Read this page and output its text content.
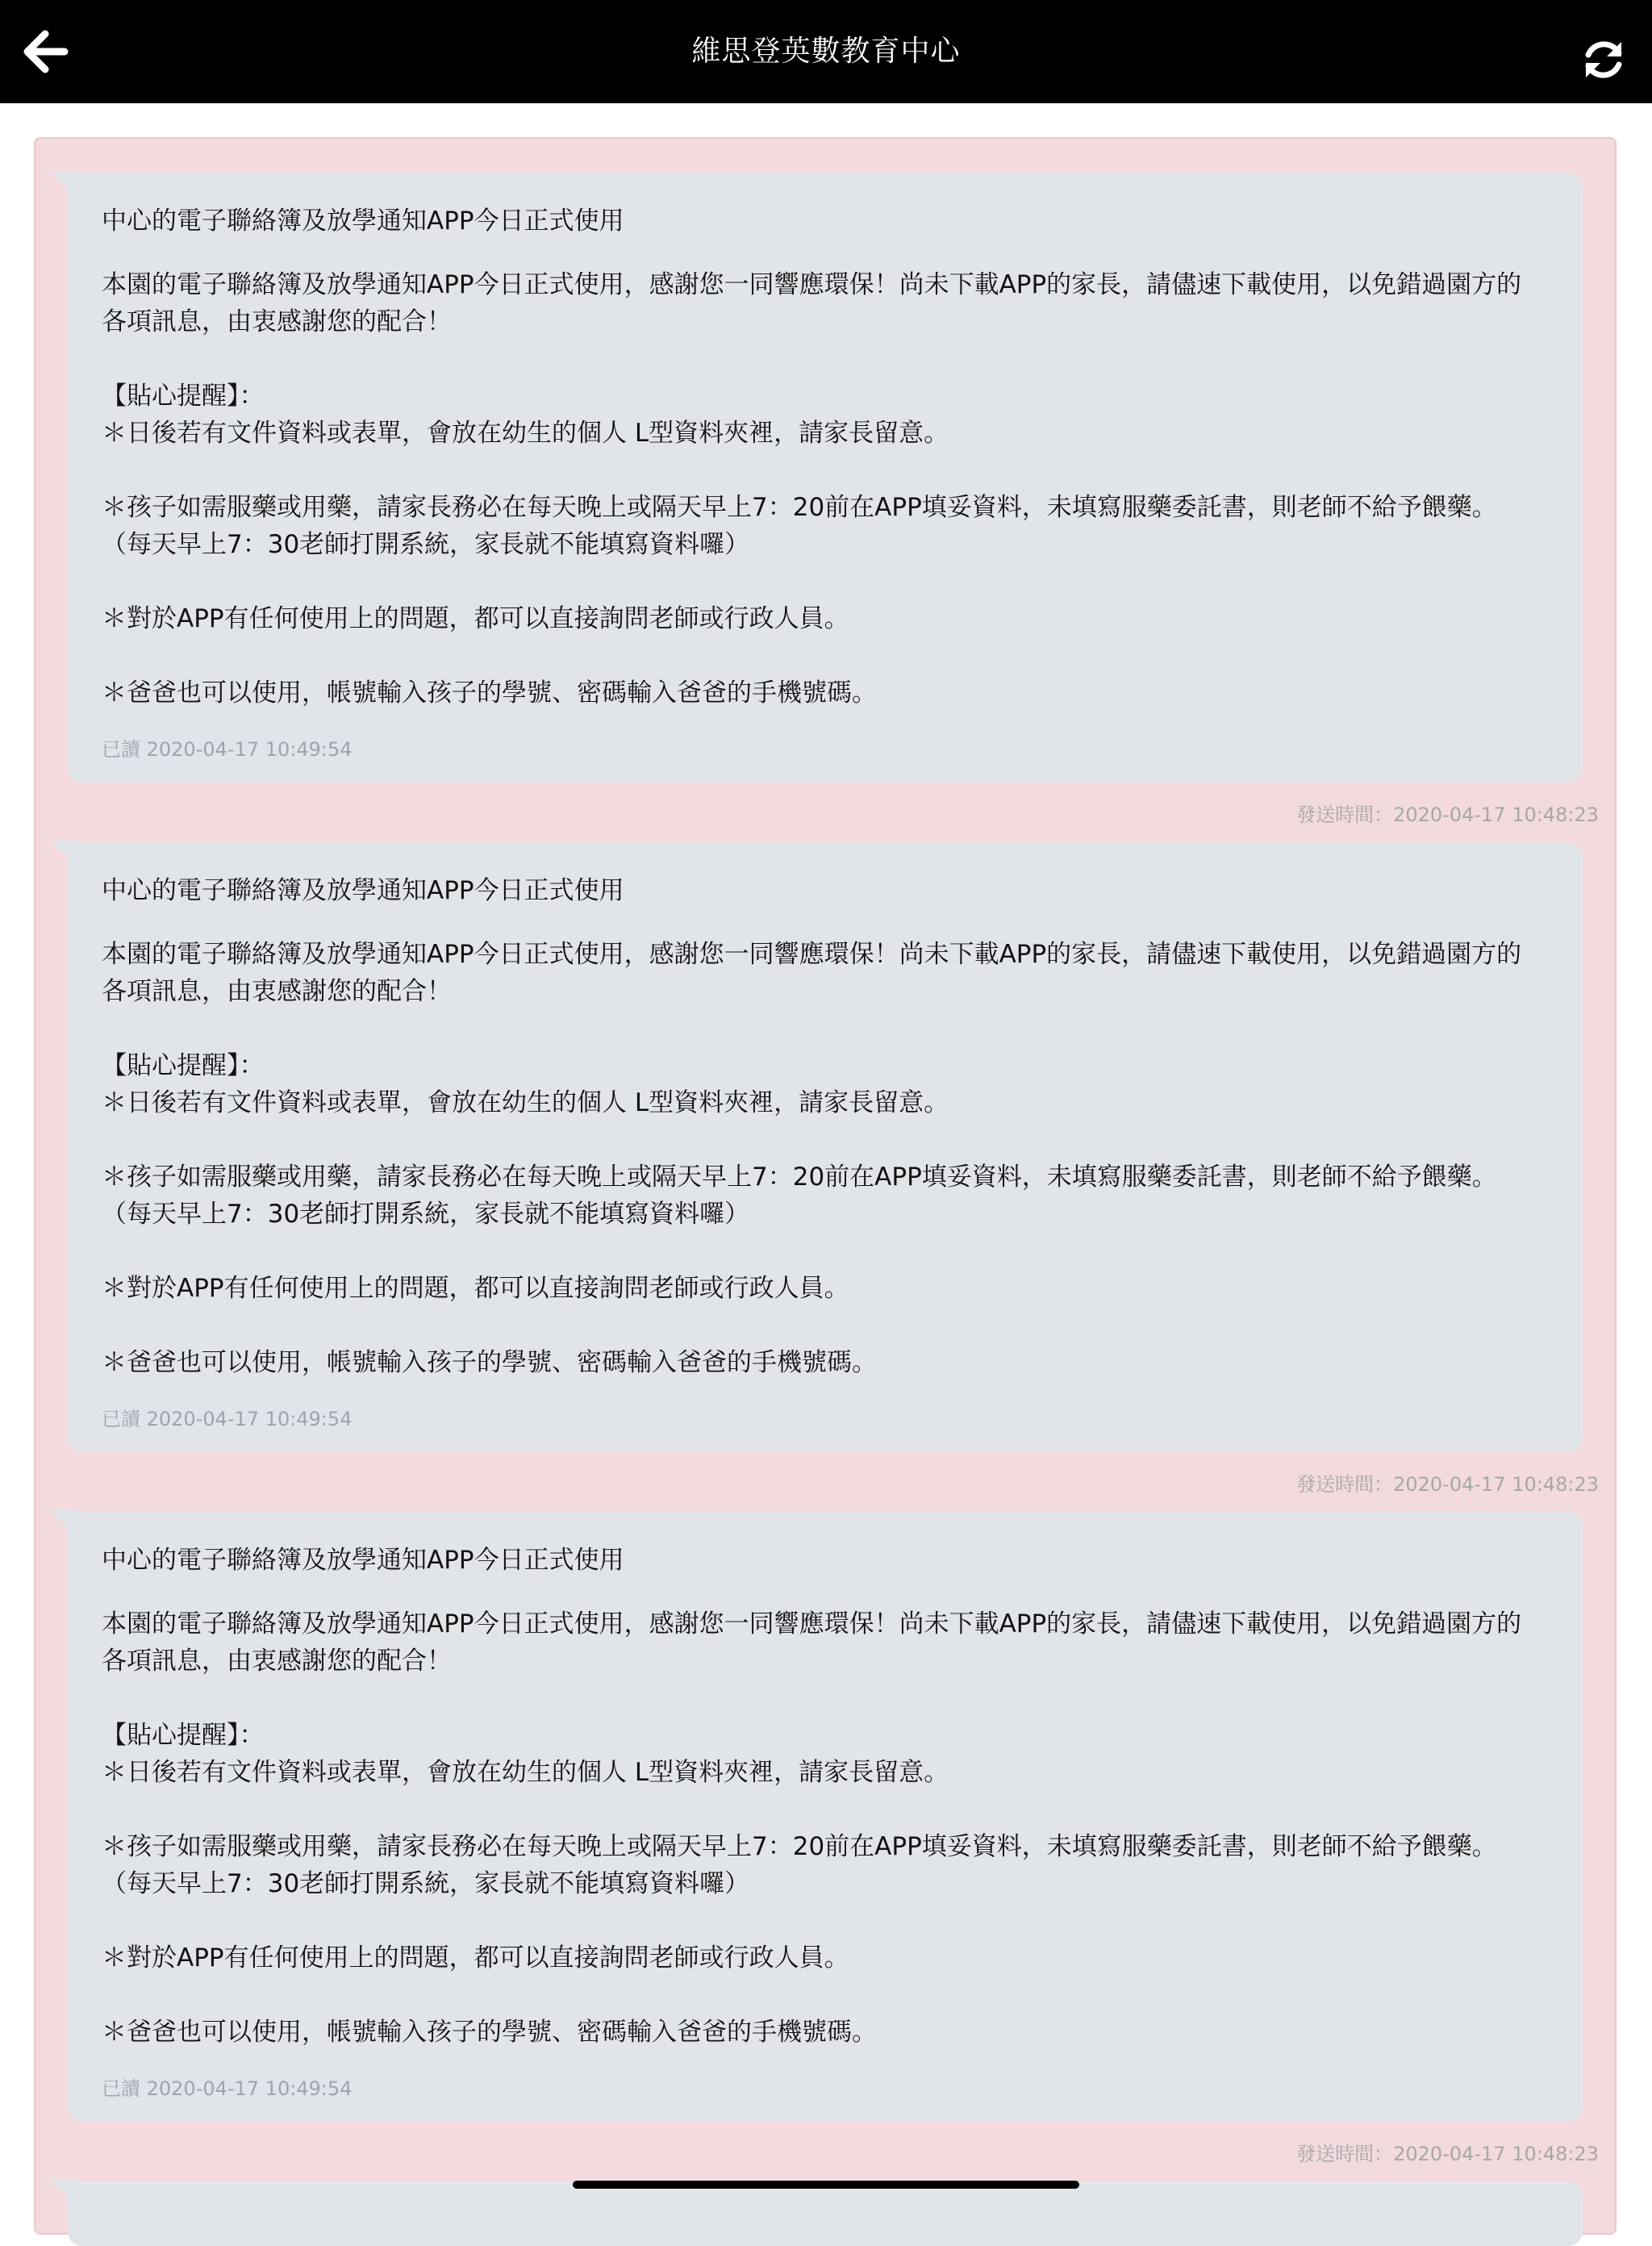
維思登英數教育中心
中心的電子聯絡簿及放學通知APP今日正式使用

本園的電子聯絡簿及放學通知APP今日正式使用，感謝您一同響應環保！尚未下載APP的家長，請儘速下載使用，以免錯過園方的

各項訊息，由衷感謝您的配合！

【貼心提醒】：

＊日後若有文件資料或表單，會放在幼生的個人 L型資料夾裡，請家長留意。

＊孩子如需服藥或用藥，請家長務必在每天晚上或隔天早上7：20前在APP填妥資料，未填寫服藥委託書，則老師不給予餵藥。

（每天早上7：30老師打開系統，家長就不能填寫資料囉）

＊對於APP有任何使用上的問題，都可以直接詢問老師或行政人員。

＊爸爸也可以使用，帳號輸入孩子的學號、密碼輸入爸爸的手機號碼。

已讀 2020-04-17 10:49:54
發送時間：2020-04-17 10:48:23
中心的電子聯絡簿及放學通知APP今日正式使用

本園的電子聯絡簿及放學通知APP今日正式使用，感謝您一同響應環保！尚未下載APP的家長，請儘速下載使用，以免錯過園方的

各項訊息，由衷感謝您的配合！

【貼心提醒】：

＊日後若有文件資料或表單，會放在幼生的個人 L型資料夾裡，請家長留意。

＊孩子如需服藥或用藥，請家長務必在每天晚上或隔天早上7：20前在APP填妥資料，未填寫服藥委託書，則老師不給予餵藥。

（每天早上7：30老師打開系統，家長就不能填寫資料囉）

＊對於APP有任何使用上的問題，都可以直接詢問老師或行政人員。

＊爸爸也可以使用，帳號輸入孩子的學號、密碼輸入爸爸的手機號碼。

已讀 2020-04-17 10:49:54
發送時間：2020-04-17 10:48:23
中心的電子聯絡簿及放學通知APP今日正式使用

本園的電子聯絡簿及放學通知APP今日正式使用，感謝您一同響應環保！尚未下載APP的家長，請儘速下載使用，以免錯過園方的

各項訊息，由衷感謝您的配合！

【貼心提醒】：

＊日後若有文件資料或表單，會放在幼生的個人 L型資料夾裡，請家長留意。

＊孩子如需服藥或用藥，請家長務必在每天晚上或隔天早上7：20前在APP填妥資料，未填寫服藥委託書，則老師不給予餵藥。

（每天早上7：30老師打開系統，家長就不能填寫資料囉）

＊對於APP有任何使用上的問題，都可以直接詢問老師或行政人員。

＊爸爸也可以使用，帳號輸入孩子的學號、密碼輸入爸爸的手機號碼。

已讀 2020-04-17 10:49:54
發送時間：2020-04-17 10:48:23
